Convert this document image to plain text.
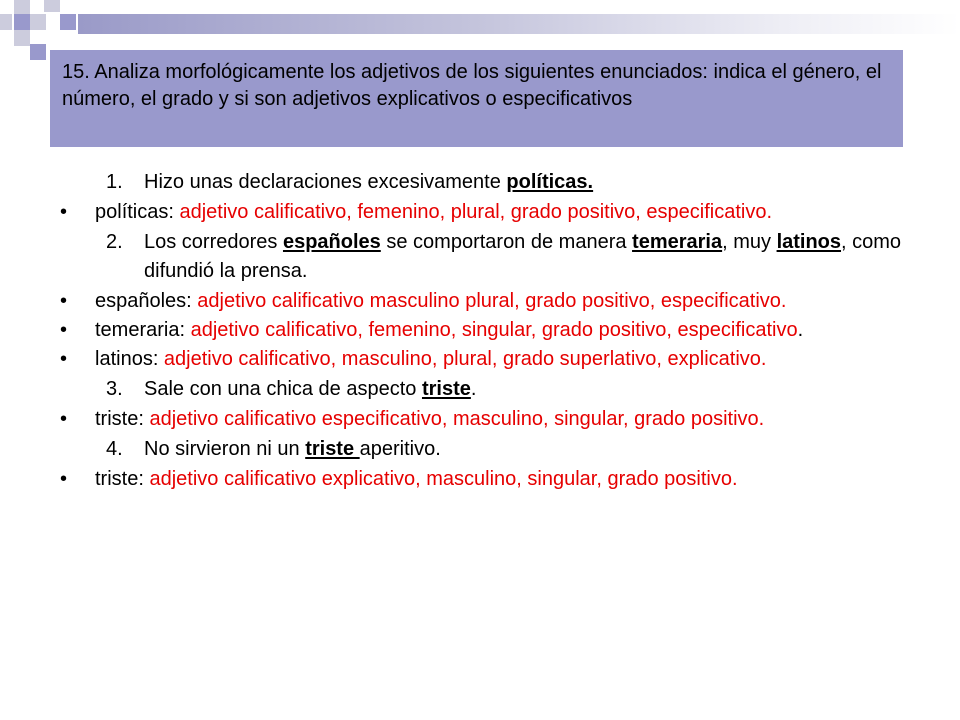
15. Analiza morfológicamente los adjetivos de los siguientes enunciados: indica el género, el número, el grado y si son adjetivos explicativos o especificativos
1. Hizo unas declaraciones excesivamente políticas.
• políticas: adjetivo calificativo, femenino, plural, grado positivo, especificativo.
2. Los corredores españoles se comportaron de manera temeraria, muy latinos, como difundió la prensa.
• españoles: adjetivo calificativo masculino plural, grado positivo, especificativo.
• temeraria: adjetivo calificativo, femenino, singular, grado positivo, especificativo.
• latinos: adjetivo calificativo, masculino, plural, grado superlativo, explicativo.
3. Sale con una chica de aspecto triste.
• triste: adjetivo calificativo especificativo, masculino, singular, grado positivo.
4. No sirvieron ni un triste aperitivo.
• triste: adjetivo calificativo explicativo, masculino, singular, grado positivo.
